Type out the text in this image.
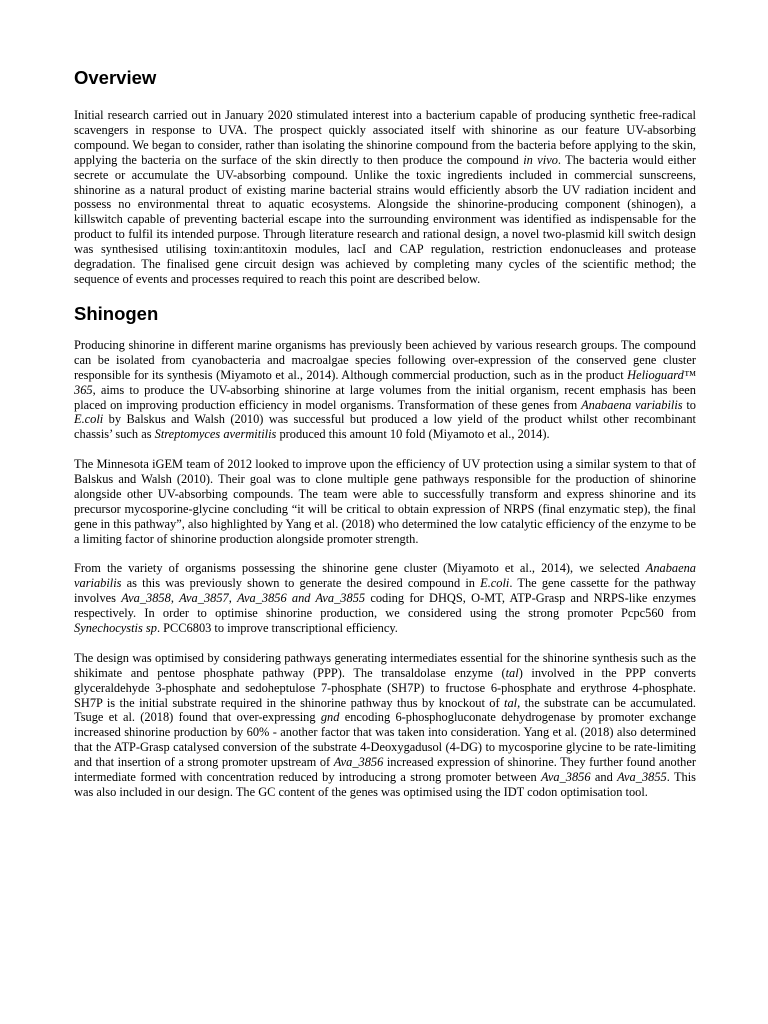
Overview

Initial research carried out in January 2020 stimulated interest into a bacterium capable of producing synthetic free-radical scavengers in response to UVA. The prospect quickly associated itself with shinorine as our feature UV-absorbing compound. We began to consider, rather than isolating the shinorine compound from the bacteria before applying to the skin, applying the bacteria on the surface of the skin directly to then produce the compound in vivo. The bacteria would either secrete or accumulate the UV-absorbing compound. Unlike the toxic ingredients included in commercial sunscreens, shinorine as a natural product of existing marine bacterial strains would efficiently absorb the UV radiation incident and possess no environmental threat to aquatic ecosystems. Alongside the shinorine-producing component (shinogen), a killswitch capable of preventing bacterial escape into the surrounding environment was identified as indispensable for the product to fulfil its intended purpose. Through literature research and rational design, a novel two-plasmid kill switch design was synthesised utilising toxin:antitoxin modules, lacI and CAP regulation, restriction endonucleases and protease degradation. The finalised gene circuit design was achieved by completing many cycles of the scientific method; the sequence of events and processes required to reach this point are described below.

Shinogen

Producing shinorine in different marine organisms has previously been achieved by various research groups. The compound can be isolated from cyanobacteria and macroalgae species following over-expression of the conserved gene cluster responsible for its synthesis (Miyamoto et al., 2014). Although commercial production, such as in the product Helioguard™ 365, aims to produce the UV-absorbing shinorine at large volumes from the initial organism, recent emphasis has been placed on improving production efficiency in model organisms. Transformation of these genes from Anabaena variabilis to E.coli by Balskus and Walsh (2010) was successful but produced a low yield of the product whilst other recombinant chassis’ such as Streptomyces avermitilis produced this amount 10 fold (Miyamoto et al., 2014).

The Minnesota iGEM team of 2012 looked to improve upon the efficiency of UV protection using a similar system to that of Balskus and Walsh (2010). Their goal was to clone multiple gene pathways responsible for the production of shinorine alongside other UV-absorbing compounds. The team were able to successfully transform and express shinorine and its precursor mycosporine-glycine concluding “it will be critical to obtain expression of NRPS (final enzymatic step), the final gene in this pathway”, also highlighted by Yang et al. (2018) who determined the low catalytic efficiency of the enzyme to be a limiting factor of shinorine production alongside promoter strength.

From the variety of organisms possessing the shinorine gene cluster (Miyamoto et al., 2014), we selected Anabaena variabilis as this was previously shown to generate the desired compound in E.coli. The gene cassette for the pathway involves Ava_3858, Ava_3857, Ava_3856 and Ava_3855 coding for DHQS, O-MT, ATP-Grasp and NRPS-like enzymes respectively. In order to optimise shinorine production, we considered using the strong promoter Pcpc560 from Synechocystis sp. PCC6803 to improve transcriptional efficiency.

The design was optimised by considering pathways generating intermediates essential for the shinorine synthesis such as the shikimate and pentose phosphate pathway (PPP). The transaldolase enzyme (tal) involved in the PPP converts glyceraldehyde 3-phosphate and sedoheptulose 7-phosphate (SH7P) to fructose 6-phosphate and erythrose 4-phosphate. SH7P is the initial substrate required in the shinorine pathway thus by knockout of tal, the substrate can be accumulated. Tsuge et al. (2018) found that over-expressing gnd encoding 6-phosphogluconate dehydrogenase by promoter exchange increased shinorine production by 60% - another factor that was taken into consideration. Yang et al. (2018) also determined that the ATP-Grasp catalysed conversion of the substrate 4-Deoxygadusol (4-DG) to mycosporine glycine to be rate-limiting and that insertion of a strong promoter upstream of Ava_3856 increased expression of shinorine. They further found another intermediate formed with concentration reduced by introducing a strong promoter between Ava_3856 and Ava_3855. This was also included in our design. The GC content of the genes was optimised using the IDT codon optimisation tool.
